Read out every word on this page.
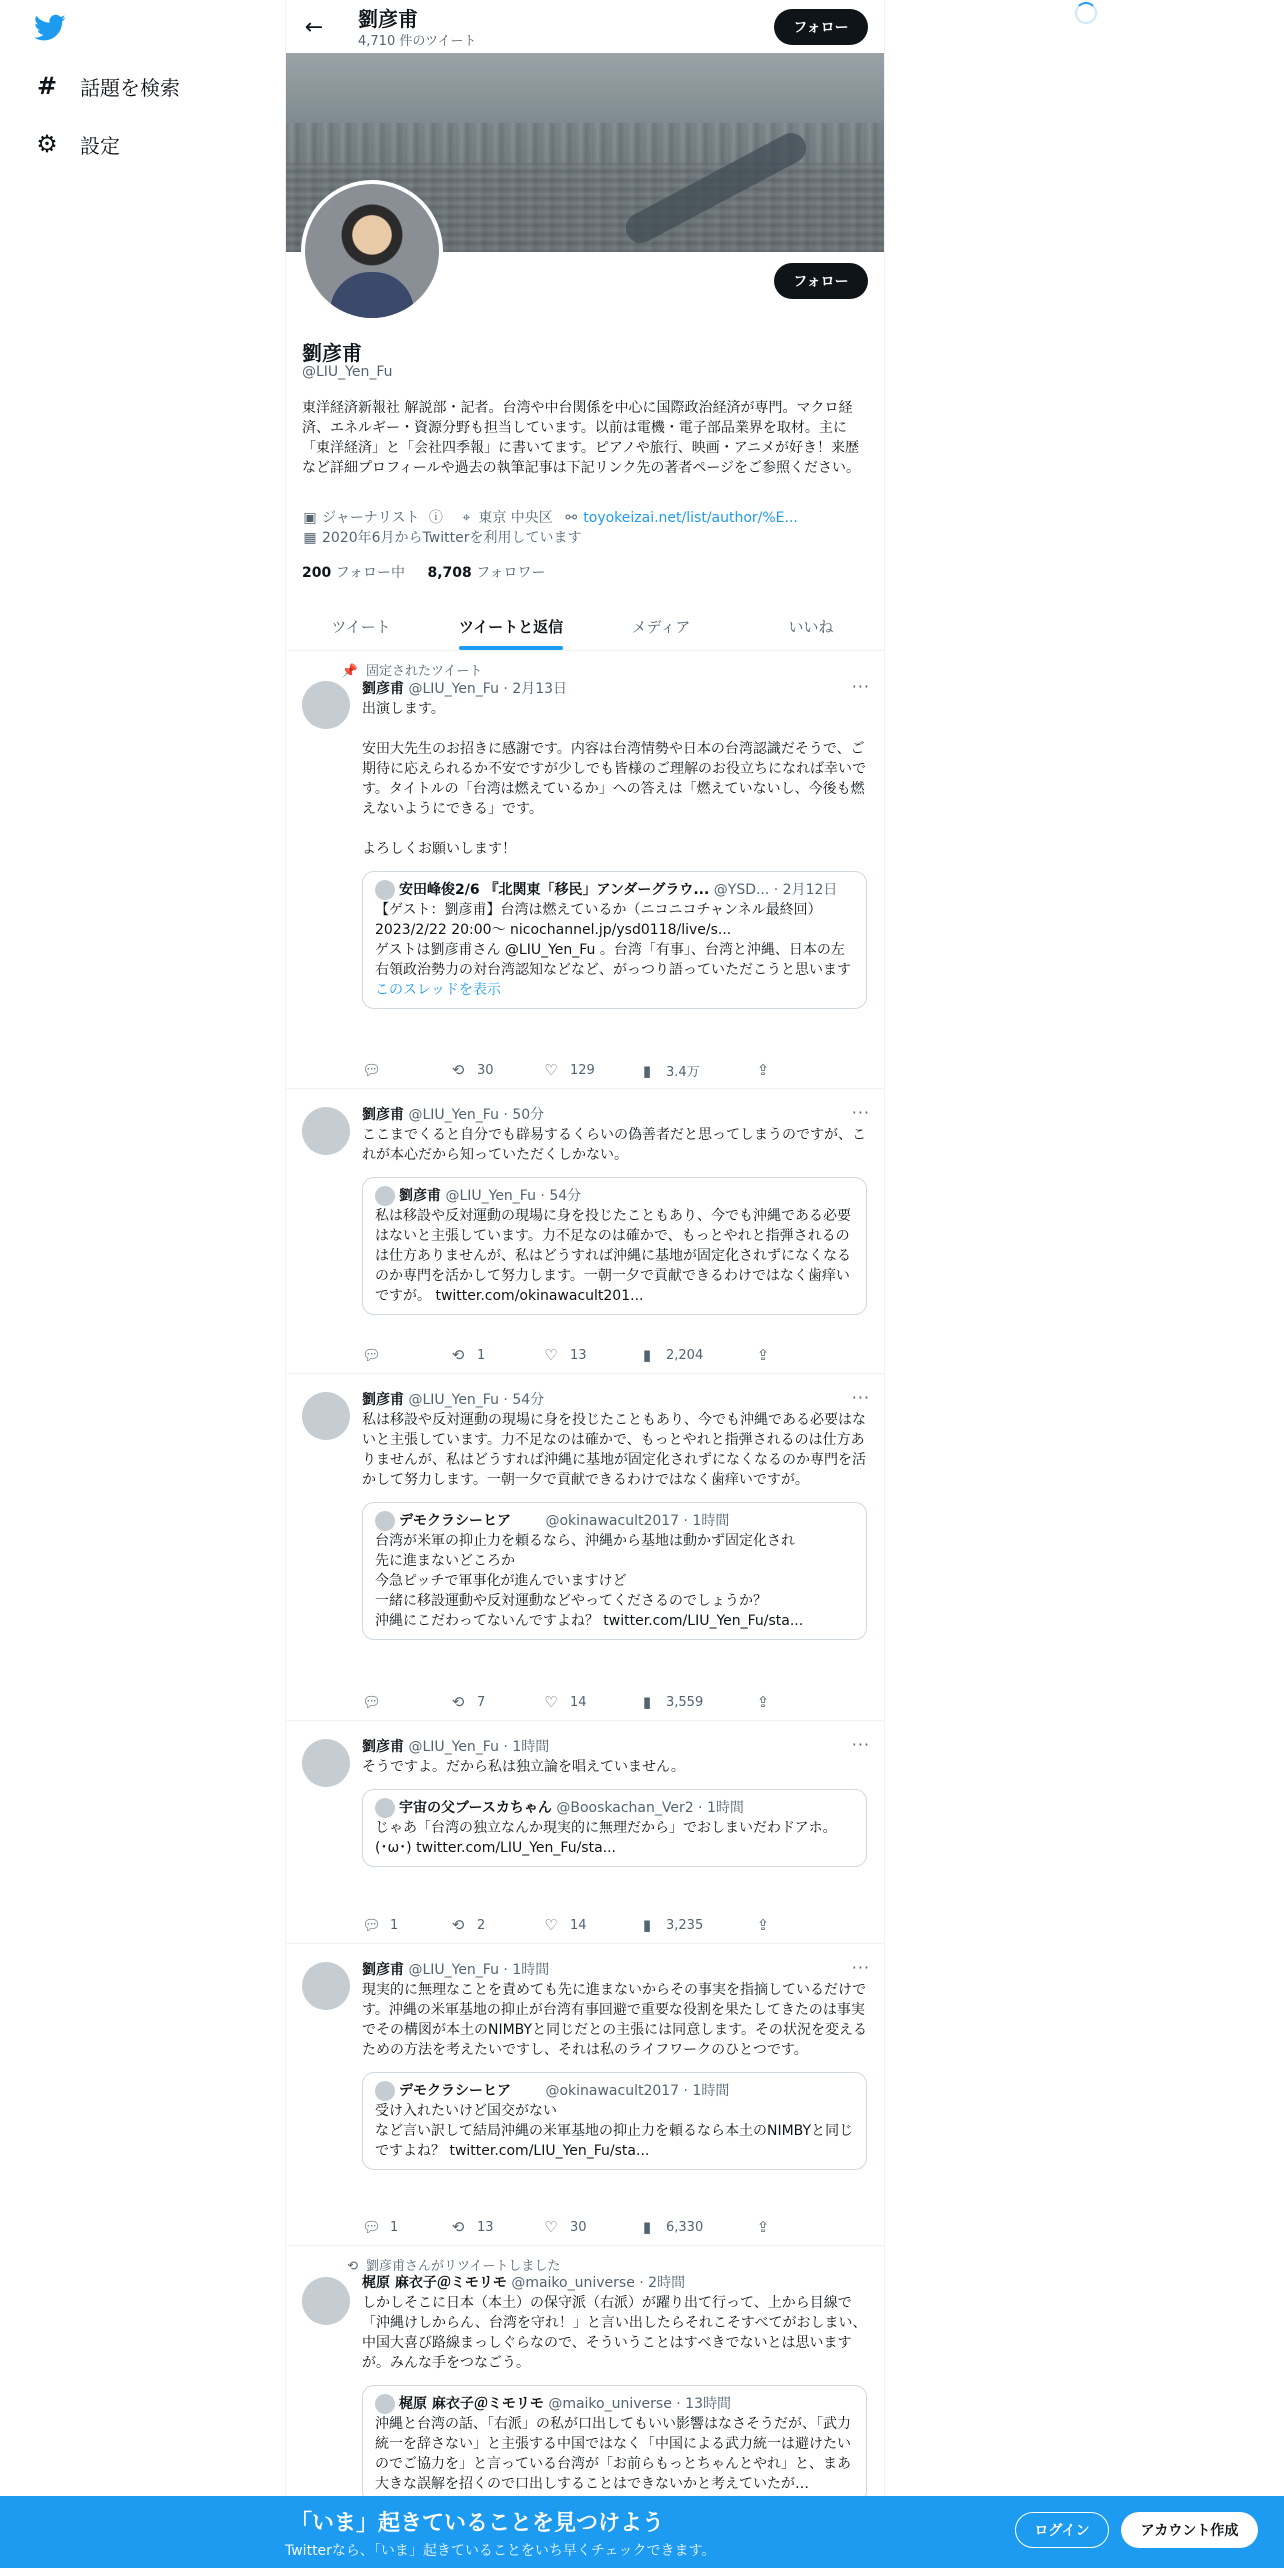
# 話題を検索
⚙ 設定
← 劉彦甫
4,710 件のツイート
フォロー
フォロー
劉彦甫
@LIU_Yen_Fu
東洋経済新報社 解説部・記者。台湾や中台関係を中心に国際政治経済が専門。マクロ経済、エネルギー・資源分野も担当しています。以前は電機・電子部品業界を取材。主に「東洋経済」と「会社四季報」に書いてます。ピアノや旅行、映画・アニメが好き！来歴など詳細プロフィールや過去の執筆記事は下記リンク先の著者ページをご参照ください。
▣ ジャーナリスト ⓘ ⌖ 東京 中央区 ⚯ toyokeizai.net/list/author/%E...
▦ 2020年6月からTwitterを利用しています
200 フォロー中 8,708 フォロワー
ツイート	ツイートと返信	メディア	いいね
📌 固定されたツイート
···
劉彦甫 @LIU_Yen_Fu · 2月13日
出演します。

安田大先生のお招きに感謝です。内容は台湾情勢や日本の台湾認識だそうで、ご期待に応えられるか不安ですが少しでも皆様のご理解のお役立ちになれば幸いです。タイトルの「台湾は燃えているか」への答えは「燃えていないし、今後も燃えないようにできる」です。

よろしくお願いします！
安田峰俊2/6 『北関東「移民」アンダーグラウ... @YSD... · 2月12日
【ゲスト：劉彦甫】台湾は燃えているか（ニコニコチャンネル最終回）2023/2/22 20:00〜 nicochannel.jp/ysd0118/live/s...
ゲストは劉彦甫さん @LIU_Yen_Fu 。台湾「有事」、台湾と沖縄、日本の左右領政治勢力の対台湾認知などなど、がっつり語っていただこうと思います
このスレッドを表示
💬︎	⟲ 30	♡ 129	▮	3.4万	⇪
···
劉彦甫 @LIU_Yen_Fu · 50分
ここまでくると自分でも辟易するくらいの偽善者だと思ってしまうのですが、これが本心だから知っていただくしかない。
劉彦甫 @LIU_Yen_Fu · 54分
私は移設や反対運動の現場に身を投じたこともあり、今でも沖縄である必要はないと主張しています。力不足なのは確かで、もっとやれと指弾されるのは仕方ありませんが、私はどうすれば沖縄に基地が固定化されずになくなるのか専門を活かして努力します。一朝一夕で貢献できるわけではなく歯痒いですが。 twitter.com/okinawacult201...
💬︎	⟲ 1	♡ 13	▮	2,204	⇪
···
劉彦甫 @LIU_Yen_Fu · 54分
私は移設や反対運動の現場に身を投じたこともあり、今でも沖縄である必要はないと主張しています。力不足なのは確かで、もっとやれと指弾されるのは仕方ありませんが、私はどうすれば沖縄に基地が固定化されずになくなるのか専門を活かして努力します。一朝一夕で貢献できるわけではなく歯痒いですが。
デモクラシーヒア @okinawacult2017 · 1時間
台湾が米軍の抑止力を頼るなら、沖縄から基地は動かず固定化され
先に進まないどころか
今急ピッチで軍事化が進んでいますけど
一緒に移設運動や反対運動などやってくださるのでしょうか？
沖縄にこだわってないんですよね？ twitter.com/LIU_Yen_Fu/sta...
💬︎	⟲ 7	♡ 14	▮	3,559	⇪
···
劉彦甫 @LIU_Yen_Fu · 1時間
そうですよ。だから私は独立論を唱えていません。
宇宙の父ブースカちゃん @Booskachan_Ver2 · 1時間
じゃあ「台湾の独立なんか現実的に無理だから」でおしまいだわドアホ。
(･ω･) twitter.com/LIU_Yen_Fu/sta...
💬︎ 1	⟲ 2	♡ 14	▮	3,235	⇪
···
劉彦甫 @LIU_Yen_Fu · 1時間
現実的に無理なことを責めても先に進まないからその事実を指摘しているだけです。沖縄の米軍基地の抑止が台湾有事回避で重要な役割を果たしてきたのは事実でその構図が本土のNIMBYと同じだとの主張には同意します。その状況を変えるための方法を考えたいですし、それは私のライフワークのひとつです。
デモクラシーヒア @okinawacult2017 · 1時間
受け入れたいけど国交がない
など言い訳して結局沖縄の米軍基地の抑止力を頼るなら本土のNIMBYと同じですよね？ twitter.com/LIU_Yen_Fu/sta...
💬︎ 1	⟲ 13	♡ 30	▮	6,330	⇪
⟲ 劉彦甫さんがリツイートしました
梶原 麻衣子＠ミモリモ @maiko_universe · 2時間
しかしそこに日本（本土）の保守派（右派）が躍り出て行って、上から目線で「沖縄けしからん、台湾を守れ！」と言い出したらそれこそすべてがおしまい、中国大喜び路線まっしぐらなので、そういうことはすべきでないとは思いますが。みんな手をつなごう。
梶原 麻衣子＠ミモリモ @maiko_universe · 13時間
沖縄と台湾の話、「右派」の私が口出してもいい影響はなさそうだが、「武力統一を辞さない」と主張する中国ではなく「中国による武力統一は避けたいのでご協力を」と言っている台湾が「お前らもっとちゃんとやれ」と、まあ大きな誤解を招くので口出しすることはできないかと考えていたが…
「いま」起きていることを見つけよう
Twitterなら、「いま」起きていることをいち早くチェックできます。
ログイン	アカウント作成
